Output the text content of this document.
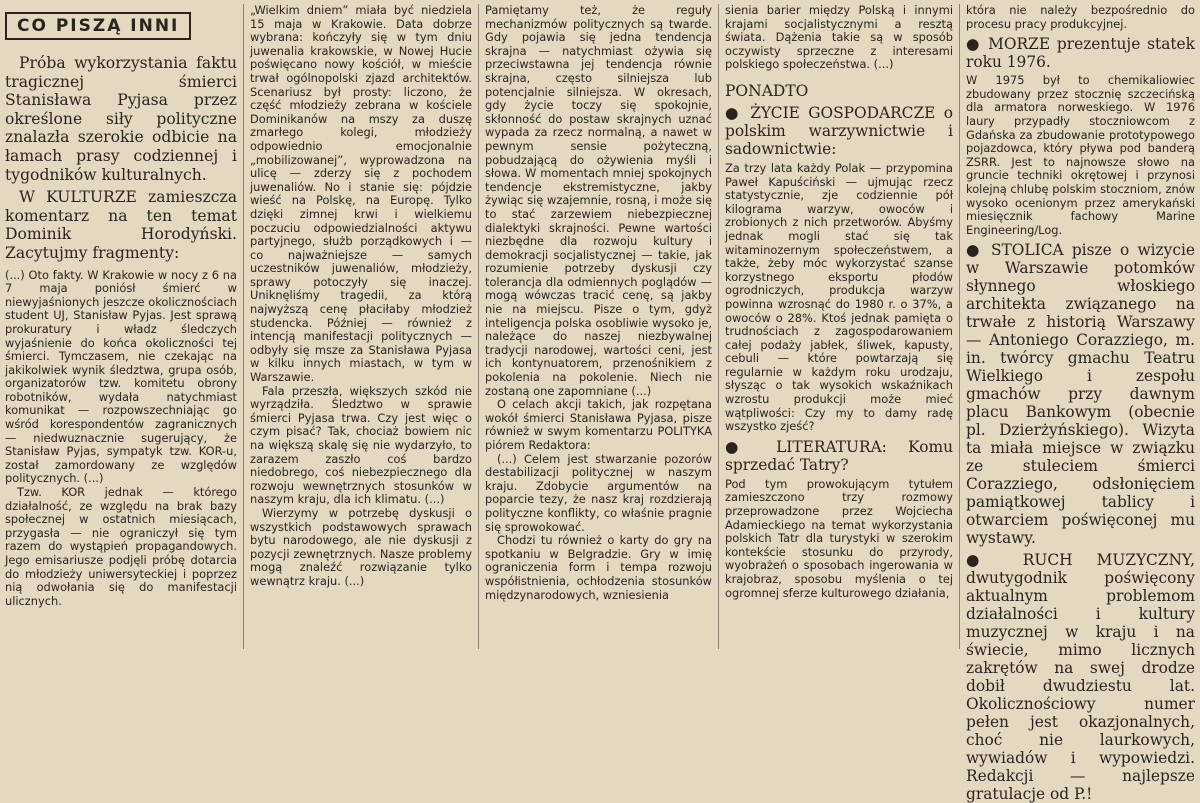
CO PISZĄ INNI

Próba wykorzystania faktu tragicznej śmierci Stanisława Pyjasa przez określone siły polityczne znalazła szerokie odbicie na łamach prasy codziennej i tygodników kulturalnych.

W KULTURZE zamieszcza komentarz na ten temat Dominik Horodyński. Zacytujmy fragmenty:

(...) Oto fakty. W Krakowie w nocy z 6 na 7 maja poniósł śmierć w niewyjaśnionych jeszcze okolicznościach student UJ, Stanisław Pyjas. Jest sprawą prokuratury i władz śledczych wyjaśnienie do końca okoliczności tej śmierci. Tymczasem, nie czekając na jakikolwiek wynik śledztwa, grupa osób, organizatorów tzw. komitetu obrony robotników, wydała natychmiast komunikat — rozpowszechniając go wśród korespondentów zagranicznych — niedwuznacznie sugerujący, że Stanisław Pyjas, sympatyk tzw. KOR-u, został zamordowany ze względów politycznych. (...)

Tzw. KOR jednak — którego działalność, ze względu na brak bazy społecznej w ostatnich miesiącach, przygasła — nie ograniczył się tym razem do wystąpień propagandowych. Jego emisariusze podjęli próbę dotarcia do młodzieży uniwersyteckiej i poprzez nią odwołania się do manifestacji ulicznych.

„Wielkim dniem” miała być niedziela 15 maja w Krakowie. Data dobrze wybrana: kończyły się w tym dniu juwenalia krakowskie, w Nowej Hucie poświęcano nowy kościół, w mieście trwał ogólnopolski zjazd architektów. Scenariusz był prosty: liczono, że część młodzieży zebrana w kościele Dominikanów na mszy za duszę zmarłego kolegi, młodzieży odpowiednio emocjonalnie „mobilizowanej”, wyprowadzona na ulicę — zderzy się z pochodem juwenaliów. No i stanie się: pójdzie wieść na Polskę, na Europę. Tylko dzięki zimnej krwi i wielkiemu poczuciu odpowiedzialności aktywu partyjnego, służb porządkowych i — co najważniejsze — samych uczestników juwenaliów, młodzieży, sprawy potoczyły się inaczej. Uniknęliśmy tragedii, za którą najwyższą cenę płaciłaby młodzież studencka. Później — również z intencją manifestacji politycznych — odbyły się msze za Stanisława Pyjasa w kilku innych miastach, w tym w Warszawie.

Fala przeszła, większych szkód nie wyrządziła. Śledztwo w sprawie śmierci Pyjasa trwa. Czy jest więc o czym pisać? Tak, chociaż bowiem nic na większą skalę się nie wydarzyło, to zarazem zaszło coś bardzo niedobrego, coś niebezpiecznego dla rozwoju wewnętrznych stosunków w naszym kraju, dla ich klimatu. (...)

Wierzymy w potrzebę dyskusji o wszystkich podstawowych sprawach bytu narodowego, ale nie dyskusji z pozycji zewnętrznych. Nasze problemy mogą znaleźć rozwiązanie tylko wewnątrz kraju. (...)

Pamiętamy też, że reguły mechanizmów politycznych są twarde. Gdy pojawia się jedna tendencja skrajna — natychmiast ożywia się przeciwstawna jej tendencja równie skrajna, często silniejsza lub potencjalnie silniejsza. W okresach, gdy życie toczy się spokojnie, skłonność do postaw skrajnych uznać wypada za rzecz normalną, a nawet w pewnym sensie pożyteczną, pobudzającą do ożywienia myśli i słowa. W momentach mniej spokojnych tendencje ekstremistyczne, jakby żywiąc się wzajemnie, rosną, i może się to stać zarzewiem niebezpiecznej dialektyki skrajności. Pewne wartości niezbędne dla rozwoju kultury i demokracji socjalistycznej — takie, jak rozumienie potrzeby dyskusji czy tolerancja dla odmiennych poglądów — mogą wówczas tracić cenę, są jakby nie na miejscu. Pisze o tym, gdyż inteligencja polska osobliwie wysoko je, należące do naszej niezbywalnej tradycji narodowej, wartości ceni, jest ich kontynuatorem, przenośnikiem z pokolenia na pokolenie. Niech nie zostaną one zapomniane (...)

O celach akcji takich, jak rozpętana wokół śmierci Stanisława Pyjasa, pisze również w swym komentarzu POLITYKA piórem Redaktora:

(...) Celem jest stwarzanie pozorów destabilizacji politycznej w naszym kraju. Zdobycie argumentów na poparcie tezy, że nasz kraj rozdzierają polityczne konflikty, co właśnie pragnie się sprowokować.

Chodzi tu również o karty do gry na spotkaniu w Belgradzie. Gry w imię ograniczenia form i tempa rozwoju współistnienia, ochłodzenia stosunków międzynarodowych, wzniesienia

sienia barier między Polską i innymi krajami socjalistycznymi a resztą świata. Dążenia takie są w sposób oczywisty sprzeczne z interesami polskiego społeczeństwa. (...)

PONADTO

● ŻYCIE GOSPODARCZE o polskim warzywnictwie i sadownictwie:

Za trzy lata każdy Polak — przypomina Paweł Kapuściński — ujmując rzecz statystycznie, zje codziennie pół kilograma warzyw, owoców i zrobionych z nich przetworów. Abyśmy jednak mogli stać się tak witaminozernym społeczeństwem, a także, żeby móc wykorzystać szanse korzystnego eksportu płodów ogrodniczych, produkcja warzyw powinna wzrosnąć do 1980 r. o 37%, a owoców o 28%. Ktoś jednak pamięta o trudnościach z zagospodarowaniem całej podaży jabłek, śliwek, kapusty, cebuli — które powtarzają się regularnie w każdym roku urodzaju, słysząc o tak wysokich wskaźnikach wzrostu produkcji może mieć wątpliwości: Czy my to damy radę wszystko zjeść?

● LITERATURA: Komu sprzedać Tatry?

Pod tym prowokującym tytułem zamieszczono trzy rozmowy przeprowadzone przez Wojciecha Adamieckiego na temat wykorzystania polskich Tatr dla turystyki w szerokim kontekście stosunku do przyrody, wyobrażeń o sposobach ingerowania w krajobraz, sposobu myślenia o tej ogromnej sferze kulturowego działania,

która nie należy bezpośrednio do procesu pracy produkcyjnej.

● MORZE prezentuje statek roku 1976.

W 1975 był to chemikaliowiec zbudowany przez stocznię szczecińską dla armatora norweskiego. W 1976 laury przypadły stoczniowcom z Gdańska za zbudowanie prototypowego pojazdowca, który pływa pod banderą ZSRR. Jest to najnowsze słowo na gruncie techniki okrętowej i przynosi kolejną chlubę polskim stoczniom, znów wysoko ocenionym przez amerykański miesięcznik fachowy Marine Engineering/Log.

● STOLICA pisze o wizycie w Warszawie potomków słynnego włoskiego architekta związanego na trwałe z historią Warszawy — Antoniego Corazziego, m. in. twórcy gmachu Teatru Wielkiego i zespołu gmachów przy dawnym placu Bankowym (obecnie pl. Dzierżyńskiego). Wizyta ta miała miejsce w związku ze stuleciem śmierci Corazziego, odsłonięciem pamiątkowej tablicy i otwarciem poświęconej mu wystawy.

● RUCH MUZYCZNY, dwutygodnik poświęcony aktualnym problemom działalności i kultury muzycznej w kraju i na świecie, mimo licznych zakrętów na swej drodze dobił dwudziestu lat. Okolicznościowy numer pełen jest okazjonalnych, choć nie laurkowych, wywiadów i wypowiedzi. Redakcji — najlepsze gratulacje od P.!
